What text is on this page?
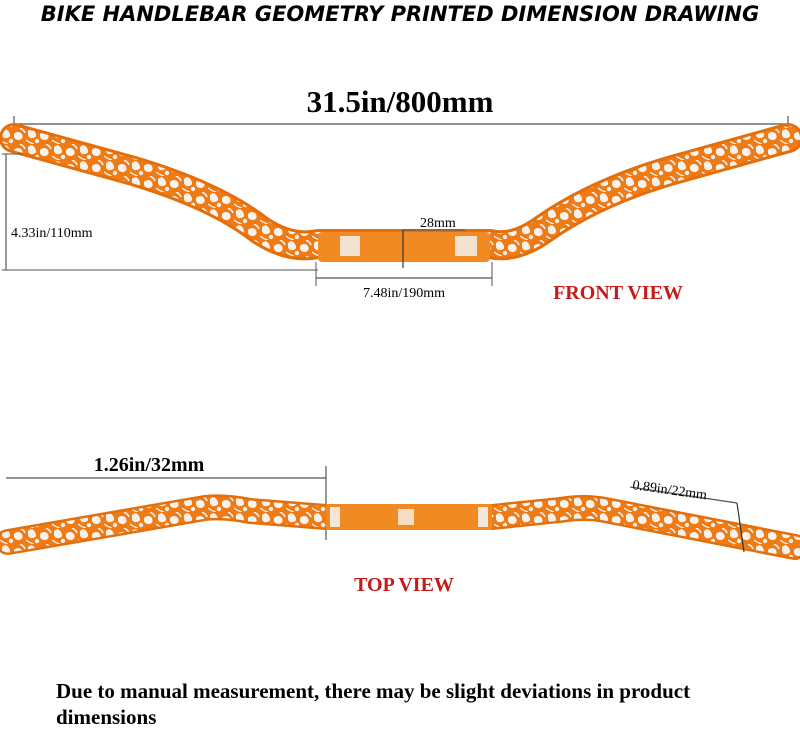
BIKE HANDLEBAR GEOMETRY PRINTED DIMENSION DRAWING
31.5in/800mm
4.33in/110mm
28mm
7.48in/190mm	FRONT VIEW
1.26in/32mm
0.89in/22mm
TOP VIEW
Due to manual measurement, there may be slight deviations in product dimensions
